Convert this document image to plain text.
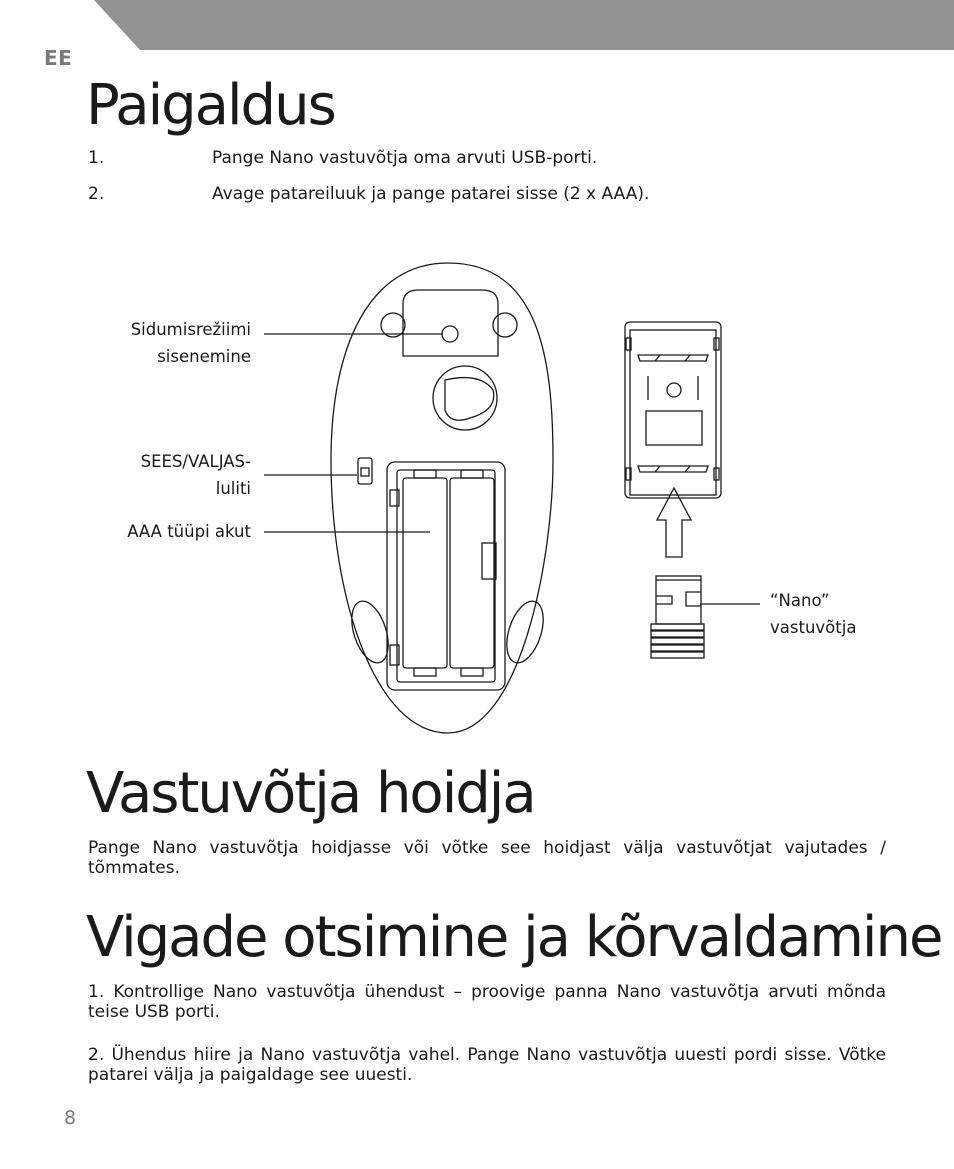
EE
Paigaldus
1.	Pange Nano vastuvõtja oma arvuti USB-porti.
2.	Avage patareiluuk ja pange patarei sisse (2 x AAA).
Sidumisrežiimi
sisenemine
SEES/VALJAS-
luliti
AAA tüüpi akut
“Nano”
vastuvõtja
Vastuvõtja hoidja

Pange Nano vastuvõtja hoidjasse või võtke see hoidjast välja vastuvõtjat vajutades / tõmmates.

Vigade otsimine ja kõrvaldamine

1. Kontrollige Nano vastuvõtja ühendust – proovige panna Nano vastuvõtja arvuti mõnda teise USB porti.

2. Ühendus hiire ja Nano vastuvõtja vahel. Pange Nano vastuvõtja uuesti pordi sisse. Võtke patarei välja ja paigaldage see uuesti.

8
